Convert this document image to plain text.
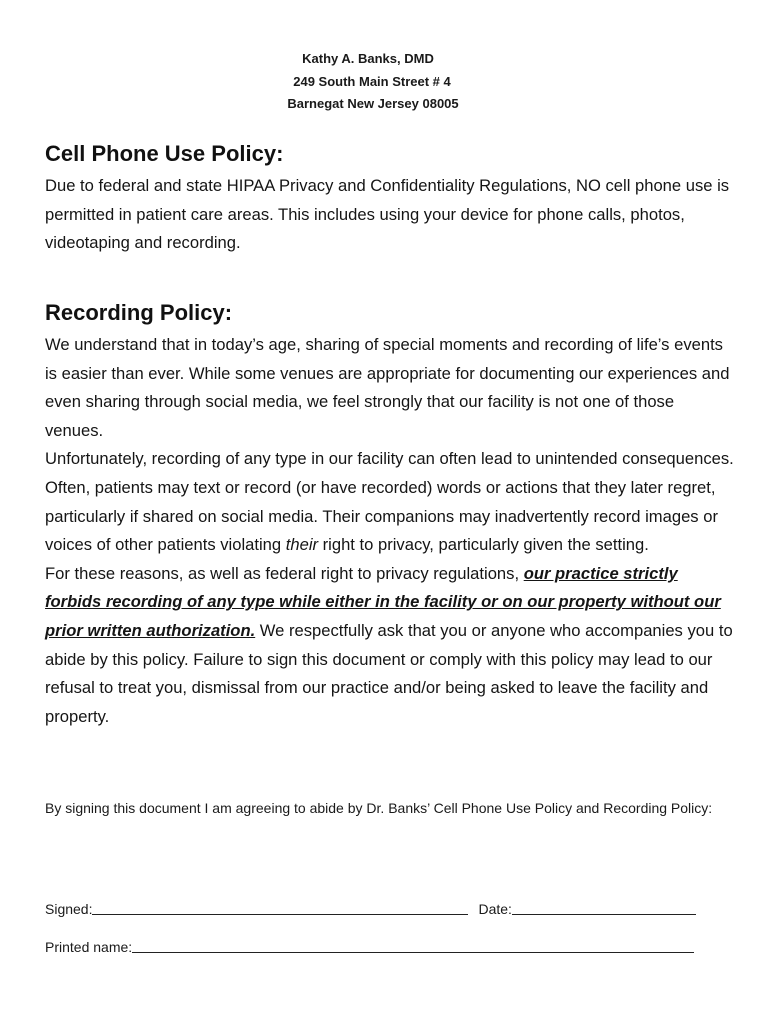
Kathy A. Banks, DMD
249 South Main Street # 4
Barnegat New Jersey 08005
Cell Phone Use Policy:
Due to federal and state HIPAA Privacy and Confidentiality Regulations, NO cell phone use is permitted in patient care areas. This includes using your device for phone calls, photos, videotaping and recording.
Recording Policy:

We understand that in today’s age, sharing of special moments and recording of life’s events is easier than ever. While some venues are appropriate for documenting our experiences and even sharing through social media, we feel strongly that our facility is not one of those venues.

Unfortunately, recording of any type in our facility can often lead to unintended consequences. Often, patients may text or record (or have recorded) words or actions that they later regret, particularly if shared on social media. Their companions may inadvertently record images or voices of other patients violating their right to privacy, particularly given the setting.

For these reasons, as well as federal right to privacy regulations, our practice strictly forbids recording of any type while either in the facility or on our property without our prior written authorization. We respectfully ask that you or anyone who accompanies you to abide by this policy. Failure to sign this document or comply with this policy may lead to our refusal to treat you, dismissal from our practice and/or being asked to leave the facility and property.

By signing this document I am agreeing to abide by Dr. Banks’ Cell Phone Use Policy and Recording Policy:
Signed:	Date:
Printed name:
